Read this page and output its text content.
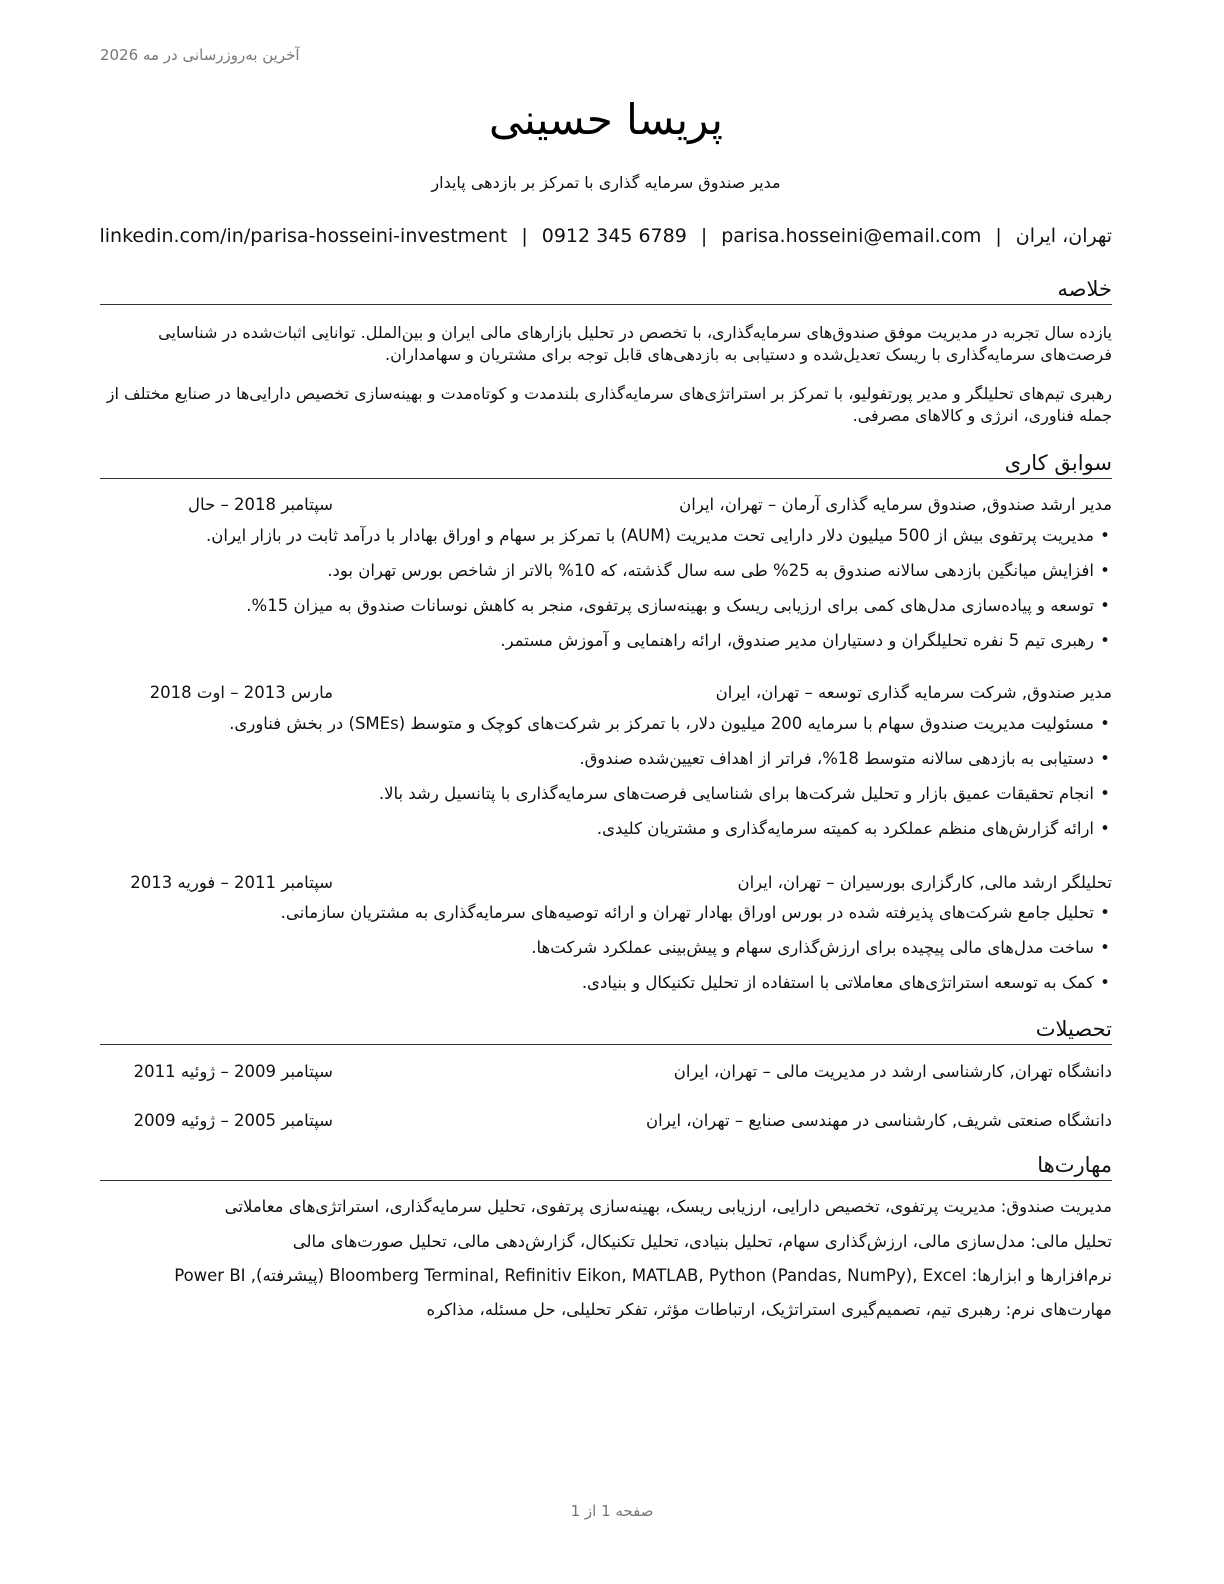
آخرین به‌روزرسانی در مه 2026
پریسا حسینی
مدیر صندوق سرمایه گذاری با تمرکز بر بازدهی پایدار
تهران، ایران|parisa.hosseini@email.com|0912 345 6789|linkedin.com/in/parisa-hosseini-investment
خلاصه
یازده سال تجربه در مدیریت موفق صندوق‌های سرمایه‌گذاری، با تخصص در تحلیل بازارهای مالی ایران و بین‌الملل. توانایی اثبات‌شده در شناسایی فرصت‌های سرمایه‌گذاری با ریسک تعدیل‌شده و دستیابی به بازدهی‌های قابل توجه برای مشتریان و سهامداران.
رهبری تیم‌های تحلیلگر و مدیر پورتفولیو، با تمرکز بر استراتژی‌های سرمایه‌گذاری بلندمدت و کوتاه‌مدت و بهینه‌سازی تخصیص دارایی‌ها در صنایع مختلف از جمله فناوری، انرژی و کالاهای مصرفی.
سوابق کاری
مدیر ارشد صندوق, صندوق سرمایه گذاری آرمان – تهران، ایران
سپتامبر 2018 – حال
•مدیریت پرتفوی بیش از 500 میلیون دلار دارایی تحت مدیریت (AUM) با تمرکز بر سهام و اوراق بهادار با درآمد ثابت در بازار ایران.
•افزایش میانگین بازدهی سالانه صندوق به 25% طی سه سال گذشته، که 10% بالاتر از شاخص بورس تهران بود.
•توسعه و پیاده‌سازی مدل‌های کمی برای ارزیابی ریسک و بهینه‌سازی پرتفوی، منجر به کاهش نوسانات صندوق به میزان 15%.
•رهبری تیم 5 نفره تحلیلگران و دستیاران مدیر صندوق، ارائه راهنمایی و آموزش مستمر.
مدیر صندوق, شرکت سرمایه گذاری توسعه – تهران، ایران
مارس 2013 – اوت 2018
•مسئولیت مدیریت صندوق سهام با سرمایه 200 میلیون دلار، با تمرکز بر شرکت‌های کوچک و متوسط (SMEs) در بخش فناوری.
•دستیابی به بازدهی سالانه متوسط 18%، فراتر از اهداف تعیین‌شده صندوق.
•انجام تحقیقات عمیق بازار و تحلیل شرکت‌ها برای شناسایی فرصت‌های سرمایه‌گذاری با پتانسیل رشد بالا.
•ارائه گزارش‌های منظم عملکرد به کمیته سرمایه‌گذاری و مشتریان کلیدی.
تحلیلگر ارشد مالی, کارگزاری بورسیران – تهران، ایران
سپتامبر 2011 – فوریه 2013
•تحلیل جامع شرکت‌های پذیرفته شده در بورس اوراق بهادار تهران و ارائه توصیه‌های سرمایه‌گذاری به مشتریان سازمانی.
•ساخت مدل‌های مالی پیچیده برای ارزش‌گذاری سهام و پیش‌بینی عملکرد شرکت‌ها.
•کمک به توسعه استراتژی‌های معاملاتی با استفاده از تحلیل تکنیکال و بنیادی.
تحصیلات
دانشگاه تهران, کارشناسی ارشد در مدیریت مالی – تهران، ایران
سپتامبر 2009 – ژوئیه 2011
دانشگاه صنعتی شریف, کارشناسی در مهندسی صنایع – تهران، ایران
سپتامبر 2005 – ژوئیه 2009
مهارت‌ها
مدیریت صندوق: مدیریت پرتفوی، تخصیص دارایی، ارزیابی ریسک، بهینه‌سازی پرتفوی، تحلیل سرمایه‌گذاری، استراتژی‌های معاملاتی
تحلیل مالی: مدل‌سازی مالی، ارزش‌گذاری سهام، تحلیل بنیادی، تحلیل تکنیکال، گزارش‌دهی مالی، تحلیل صورت‌های مالی
نرم‌افزارها و ابزارها: Bloomberg Terminal, Refinitiv Eikon, MATLAB, Python (Pandas, NumPy), Excel (پیشرفته), Power BI
مهارت‌های نرم: رهبری تیم، تصمیم‌گیری استراتژیک، ارتباطات مؤثر، تفکر تحلیلی، حل مسئله، مذاکره
صفحه 1 از 1
